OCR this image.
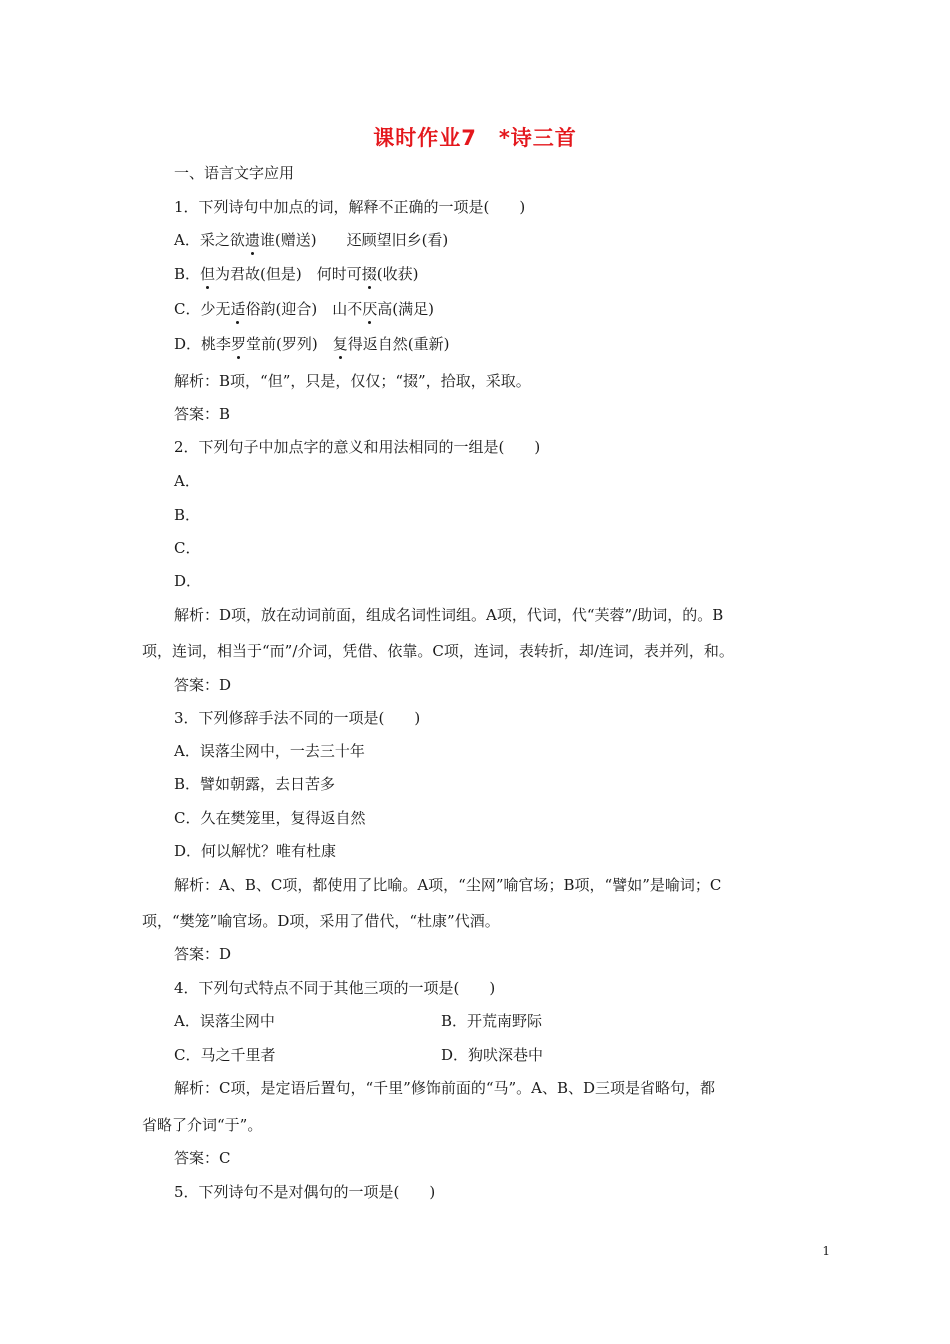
课时作业7　*诗三首
一、语言文字应用
1．下列诗句中加点的词，解释不正确的一项是(　　)
A．采之欲遗谁(赠送)　　还顾望旧乡(看)
B．但为君故(但是)　何时可掇(收获)
C．少无适俗韵(迎合)　山不厌高(满足)
D．桃李罗堂前(罗列)　复得返自然(重新)
解析：B项，“但”，只是，仅仅；“掇”，拾取，采取。
答案：B
2．下列句子中加点字的意义和用法相同的一组是(　　)
A．
B．
C．
D．
解析：D项，放在动词前面，组成名词性词组。A项，代词，代“芙蓉”/助词，的。B
项，连词，相当于“而”/介词，凭借、依靠。C项，连词，表转折，却/连词，表并列，和。
答案：D
3．下列修辞手法不同的一项是(　　)
A．误落尘网中，一去三十年
B．譬如朝露，去日苦多
C．久在樊笼里，复得返自然
D．何以解忧？唯有杜康
解析：A、B、C项，都使用了比喻。A项，“尘网”喻官场；B项，“譬如”是喻词；C
项，“樊笼”喻官场。D项，采用了借代，“杜康”代酒。
答案：D
4．下列句式特点不同于其他三项的一项是(　　)
A．误落尘网中	B．开荒南野际
C．马之千里者	D．狗吠深巷中
解析：C项，是定语后置句，“千里”修饰前面的“马”。A、B、D三项是省略句，都
省略了介词“于”。
答案：C
5．下列诗句不是对偶句的一项是(　　)
1
